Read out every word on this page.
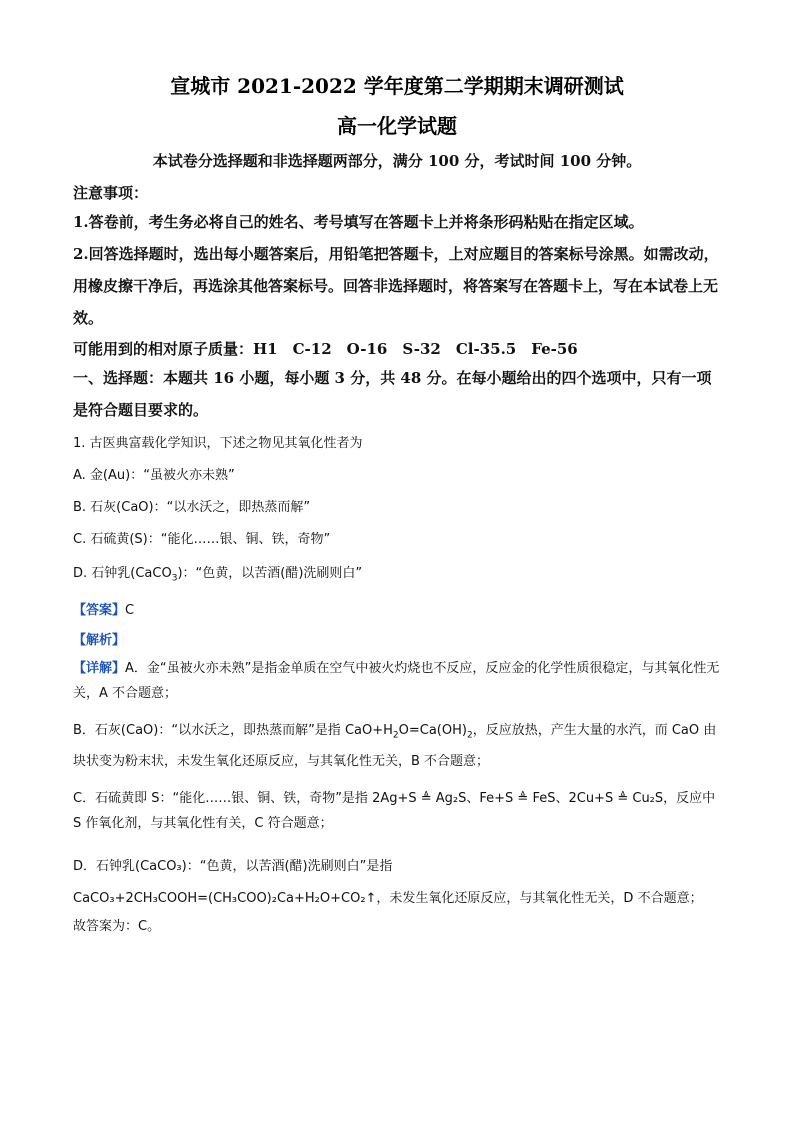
宣城市 2021-2022 学年度第二学期期末调研测试
高一化学试题
本试卷分选择题和非选择题两部分，满分 100 分，考试时间 100 分钟。
注意事项：
1.答卷前，考生务必将自己的姓名、考号填写在答题卡上并将条形码粘贴在指定区域。
2.回答选择题时，选出每小题答案后，用铅笔把答题卡，上对应题目的答案标号涂黑。如需改动，用橡皮擦干净后，再选涂其他答案标号。回答非选择题时，将答案写在答题卡上，写在本试卷上无效。
可能用到的相对原子质量：H1　C-12　O-16　S-32　Cl-35.5　Fe-56
一、选择题：本题共 16 小题，每小题 3 分，共 48 分。在每小题给出的四个选项中，只有一项是符合题目要求的。
1. 古医典富载化学知识，下述之物见其氧化性者为
A. 金(Au)：“虽被火亦未熟”
B. 石灰(CaO)：“以水沃之，即热蒸而解”
C. 石硫黄(S)：“能化……银、铜、铁，奇物”
D. 石钟乳(CaCO$_3$)：“色黄，以苦酒(醋)洗刷则白”
【答案】C
【解析】
【详解】A．金“虽被火亦未熟”是指金单质在空气中被火灼烧也不反应，反应金的化学性质很稳定，与其氧化性无关，A 不合题意；
B．石灰(CaO)：“以水沃之，即热蒸而解”是指 $CaO+H_2O=Ca(OH)_2$，反应放热，产生大量的水汽，而 CaO 由块状变为粉末状，未发生氧化还原反应，与其氧化性无关，B 不合题意；
C．石硫黄即 S：“能化……银、铜、铁，奇物”是指 2Ag+S ≜ Ag₂S、Fe+S ≜ FeS、2Cu+S ≜ Cu₂S，反应中 S 作氧化剂，与其氧化性有关，C 符合题意；
D．石钟乳(CaCO₃)：“色黄，以苦酒(醋)洗刷则白”是指
CaCO₃+2CH₃COOH=(CH₃COO)₂Ca+H₂O+CO₂↑，未发生氧化还原反应，与其氧化性无关，D 不合题意；
故答案为：C。
